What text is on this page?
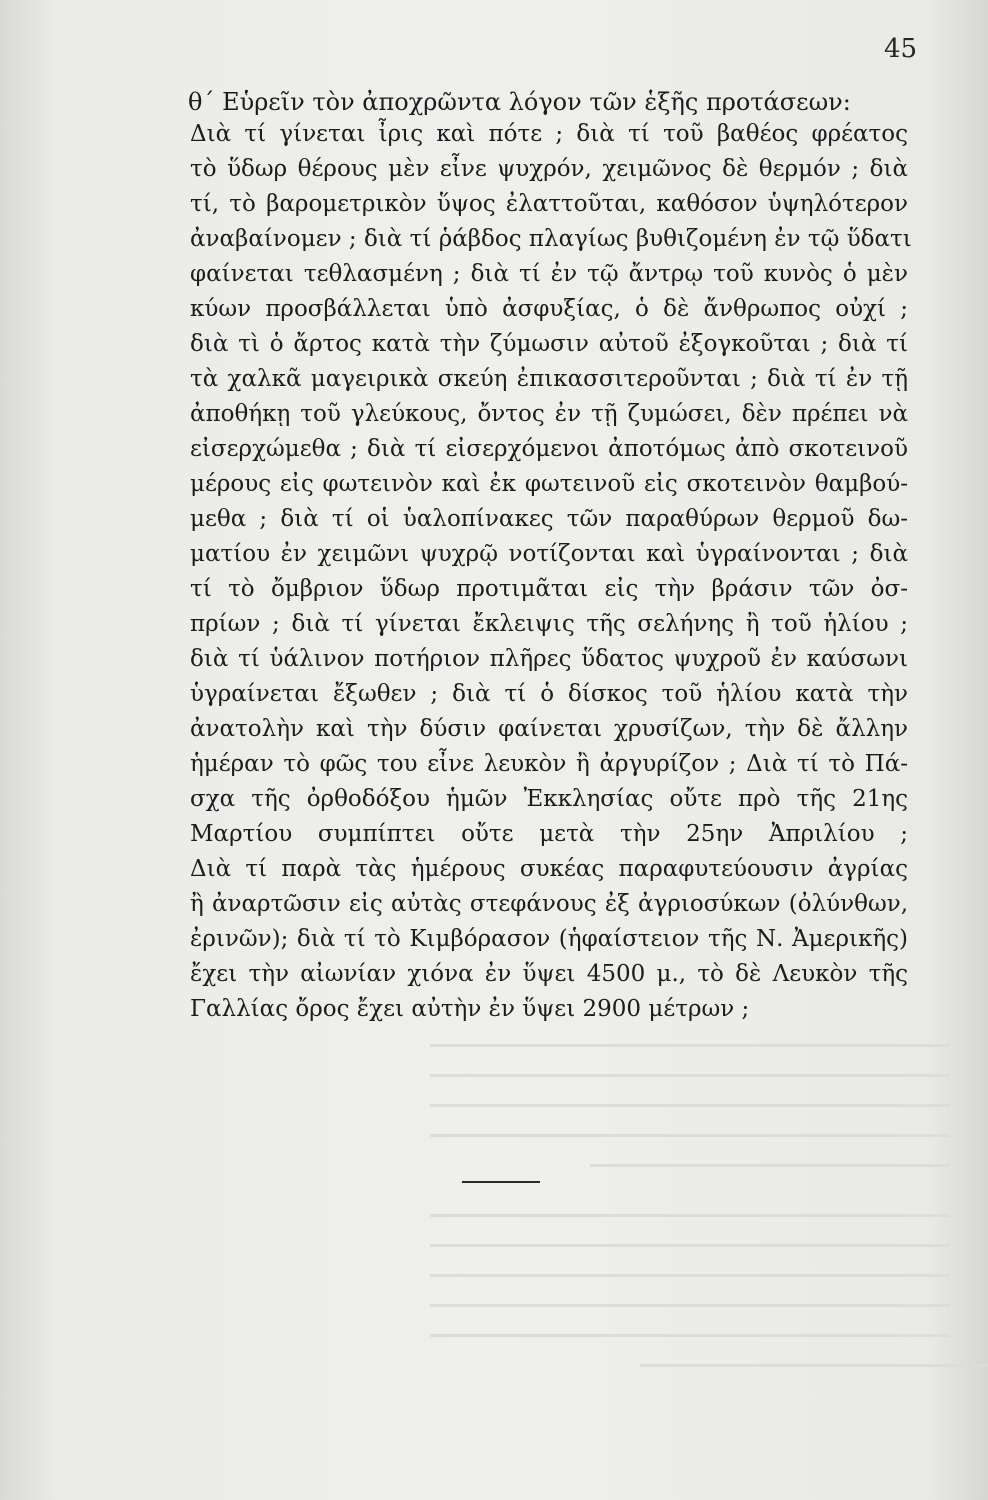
45
θ΄ Εὑρεῖν τὸν ἀποχρῶντα λόγον τῶν ἑξῆς προτάσεων:
Διὰ τί γίνεται ἶρις καὶ πότε ; διὰ τί τοῦ βαθέος φρέατος
τὸ ὕδωρ θέρους μὲν εἶνε ψυχρόν, χειμῶνος δὲ θερμόν ; διὰ
τί, τὸ βαρομετρικὸν ὕψος ἐλαττοῦται, καθόσον ὑψηλότερον
ἀναβαίνομεν ; διὰ τί ῥάβδος πλαγίως βυθιζομένη ἐν τῷ ὕδατι
φαίνεται τεθλασμένη ; διὰ τί ἐν τῷ ἄντρῳ τοῦ κυνὸς ὁ μὲν
κύων προσβάλλεται ὑπὸ ἀσφυξίας, ὁ δὲ ἄνθρωπος οὐχί ;
διὰ τὶ ὁ ἄρτος κατὰ τὴν ζύμωσιν αὐτοῦ ἐξογκοῦται ; διὰ τί
τὰ χαλκᾶ μαγειρικὰ σκεύη ἐπικασσιτεροῦνται ; διὰ τί ἐν τῇ
ἀποθήκῃ τοῦ γλεύκους, ὄντος ἐν τῇ ζυμώσει, δὲν πρέπει νὰ
εἰσερχώμεθα ; διὰ τί εἰσερχόμενοι ἀποτόμως ἀπὸ σκοτεινοῦ
μέρους εἰς φωτεινὸν καὶ ἐκ φωτεινοῦ εἰς σκοτεινὸν θαμβού-
μεθα ; διὰ τί οἱ ὑαλοπίνακες τῶν παραθύρων θερμοῦ δω-
ματίου ἐν χειμῶνι ψυχρῷ νοτίζονται καὶ ὑγραίνονται ; διὰ
τί τὸ ὄμβριον ὕδωρ προτιμᾶται εἰς τὴν βράσιν τῶν ὀσ-
πρίων ; διὰ τί γίνεται ἔκλειψις τῆς σελήνης ἢ τοῦ ἡλίου ;
διὰ τί ὑάλινον ποτήριον πλῆρες ὕδατος ψυχροῦ ἐν καύσωνι
ὑγραίνεται ἔξωθεν ; διὰ τί ὁ δίσκος τοῦ ἡλίου κατὰ τὴν
ἀνατολὴν καὶ τὴν δύσιν φαίνεται χρυσίζων, τὴν δὲ ἄλλην
ἡμέραν τὸ φῶς του εἶνε λευκὸν ἢ ἀργυρίζον ; Διὰ τί τὸ Πά-
σχα τῆς ὀρθοδόξου ἡμῶν Ἐκκλησίας οὔτε πρὸ τῆς 21ης
Μαρτίου συμπίπτει οὔτε μετὰ τὴν 25ην Ἀπριλίου ;
Διὰ τί παρὰ τὰς ἡμέρους συκέας παραφυτεύουσιν ἀγρίας
ἢ ἀναρτῶσιν εἰς αὐτὰς στεφάνους ἐξ ἀγριοσύκων (ὀλύνθων,
ἐρινῶν); διὰ τί τὸ Κιμβόρασον (ἡφαίστειον τῆς Ν. Ἀμερικῆς)
ἔχει τὴν αἰωνίαν χιόνα ἐν ὕψει 4500 μ., τὸ δὲ Λευκὸν τῆς
Γαλλίας ὄρος ἔχει αὐτὴν ἐν ὕψει 2900 μέτρων ;
